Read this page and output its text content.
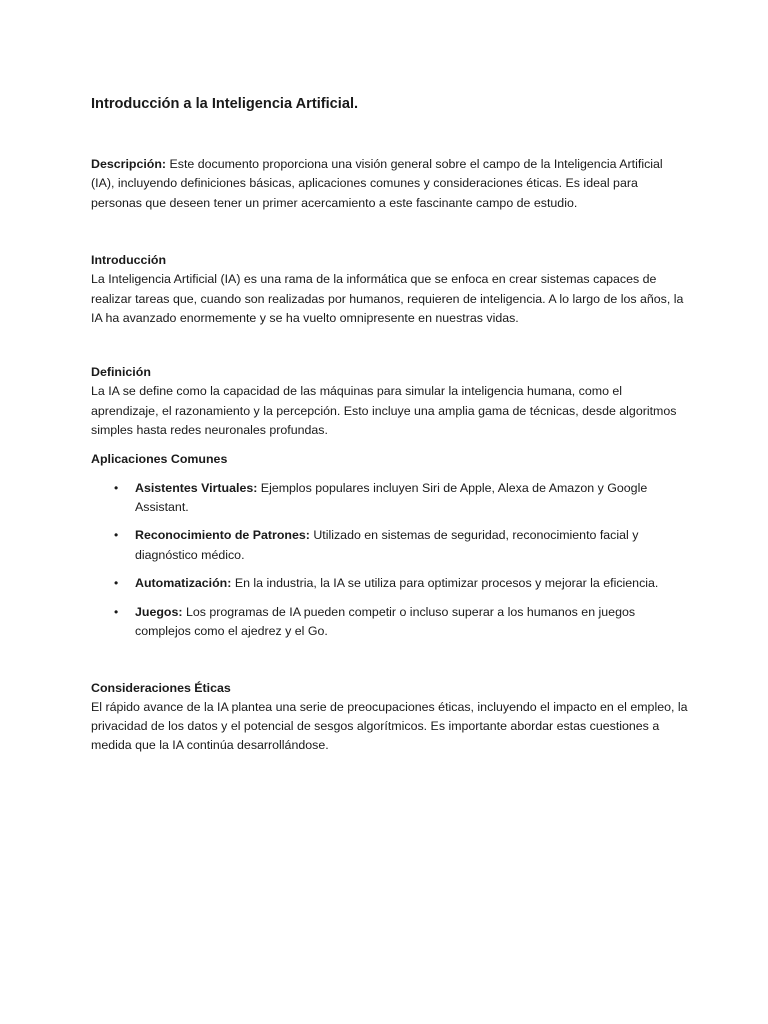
Introducción a la Inteligencia Artificial.

Descripción: Este documento proporciona una visión general sobre el campo de la Inteligencia Artificial (IA), incluyendo definiciones básicas, aplicaciones comunes y consideraciones éticas. Es ideal para personas que deseen tener un primer acercamiento a este fascinante campo de estudio.

Introducción

La Inteligencia Artificial (IA) es una rama de la informática que se enfoca en crear sistemas capaces de realizar tareas que, cuando son realizadas por humanos, requieren de inteligencia. A lo largo de los años, la IA ha avanzado enormemente y se ha vuelto omnipresente en nuestras vidas.

Definición

La IA se define como la capacidad de las máquinas para simular la inteligencia humana, como el aprendizaje, el razonamiento y la percepción. Esto incluye una amplia gama de técnicas, desde algoritmos simples hasta redes neuronales profundas.

Aplicaciones Comunes
• Asistentes Virtuales: Ejemplos populares incluyen Siri de Apple, Alexa de Amazon y Google Assistant.
• Reconocimiento de Patrones: Utilizado en sistemas de seguridad, reconocimiento facial y diagnóstico médico.
• Automatización: En la industria, la IA se utiliza para optimizar procesos y mejorar la eficiencia.
• Juegos: Los programas de IA pueden competir o incluso superar a los humanos en juegos complejos como el ajedrez y el Go.
Consideraciones Éticas

El rápido avance de la IA plantea una serie de preocupaciones éticas, incluyendo el impacto en el empleo, la privacidad de los datos y el potencial de sesgos algorítmicos. Es importante abordar estas cuestiones a medida que la IA continúa desarrollándose.
